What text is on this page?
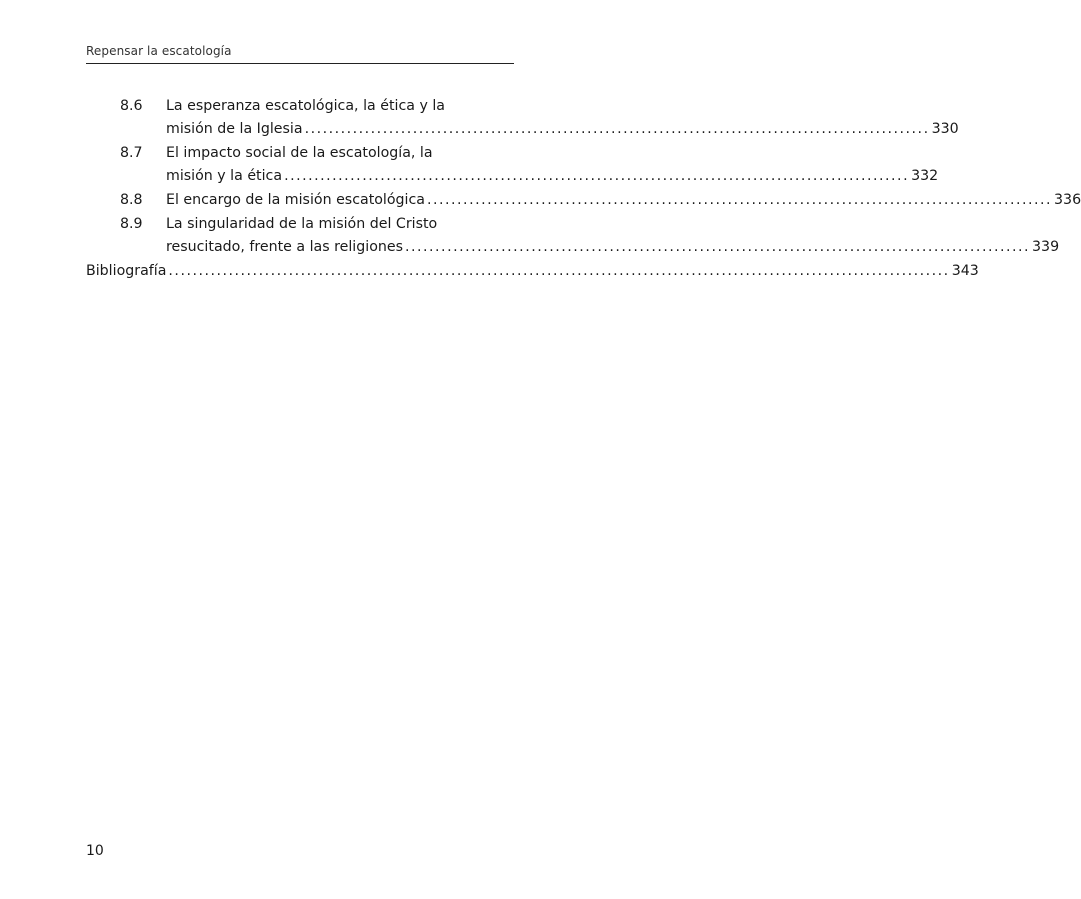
Repensar la escatología
8.6 La esperanza escatológica, la ética y la
misión de la Iglesia ........................................................................................................ 330
8.7 El impacto social de la escatología, la
misión y la ética ........................................................................................................ 332
8.8 El encargo de la misión escatológica ........................................................................................................ 336
8.9 La singularidad de la misión del Cristo
resucitado, frente a las religiones ........................................................................................................ 339
Bibliografía .................................................................................................................................. 343
10
